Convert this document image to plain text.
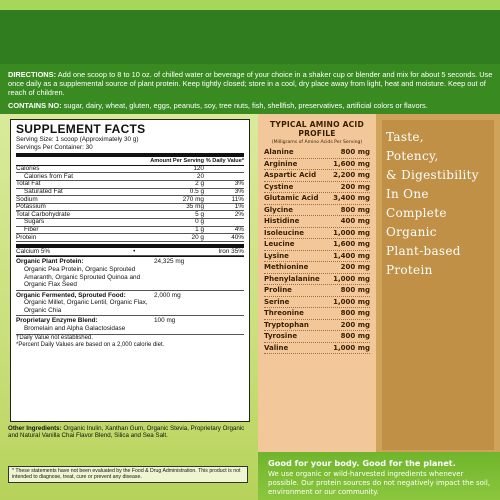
DIRECTIONS: Add one scoop to 8 to 10 oz. of chilled water or beverage of your choice in a shaker cup or blender and mix for about 5 seconds. Use once daily as a supplemental source of plant protein. Keep tightly closed; store in a cool, dry place away from light, heat and moisture. Keep out of reach of children.

CONTAINS NO: sugar, dairy, wheat, gluten, eggs, peanuts, soy, tree nuts, fish, shellfish, preservatives, artificial colors or flavors.

SUPPLEMENT FACTS
Serving Size: 1 scoop (Approximately 30 g)
Servings Per Container: 30
Amount Per Serving % Daily Value*
Calories	120
Calories from Fat	20
Total Fat	2 g	3%
Saturated Fat	0.5 g	3%
Sodium	270 mg	11%
Potassium	35 mg	1%
Total Carbohydrate	5 g	2%
Sugars	0 g
Fiber	1 g	4%
Protein	20 g	40%
Calcium 5%	•	Iron 35%
Organic Plant Protein:	24,325 mg
Organic Pea Protein, Organic Sprouted Amaranth, Organic Sprouted Quinoa and Organic Flax Seed
Organic Fermented, Sprouted Food:	2,000 mg
Organic Millet, Organic Lentil, Organic Flax, Organic Chia
Proprietary Enzyme Blend:	100 mg
Bromelain and Alpha Galactosidase
†Daily Value not established.
*Percent Daily Values are based on a 2,000 calorie diet.
Other Ingredients: Organic Inulin, Xanthan Gum, Organic Stevia, Proprietary Organic and Natural Vanilla Chai Flavor Blend, Silica and Sea Salt.
* These statements have not been evaluated by the Food & Drug Administration. This product is not intended to diagnose, treat, cure or prevent any disease.
TYPICAL AMINO ACID PROFILE
(Milligrams of Amino Acids Per Serving)
Alanine	800 mg
Arginine	1,600 mg
Aspartic Acid 2,200 mg
Cystine	200 mg
Glutamic Acid 3,400 mg
Glycine	800 mg
Histidine	400 mg
Isoleucine	1,000 mg
Leucine	1,600 mg
Lysine	1,400 mg
Methionine	200 mg
Phenylalanine 1,000 mg
Proline	800 mg
Serine	1,000 mg
Threonine	800 mg
Tryptophan	200 mg
Tyrosine	800 mg
Valine	1,000 mg
Taste,
Potency,
& Digestibility
In One
Complete
Organic
Plant-based
Protein
Good for your body. Good for the planet.
We use organic or wild-harvested ingredients whenever possible. Our protein sources do not negatively impact the soil, environment or our community.
